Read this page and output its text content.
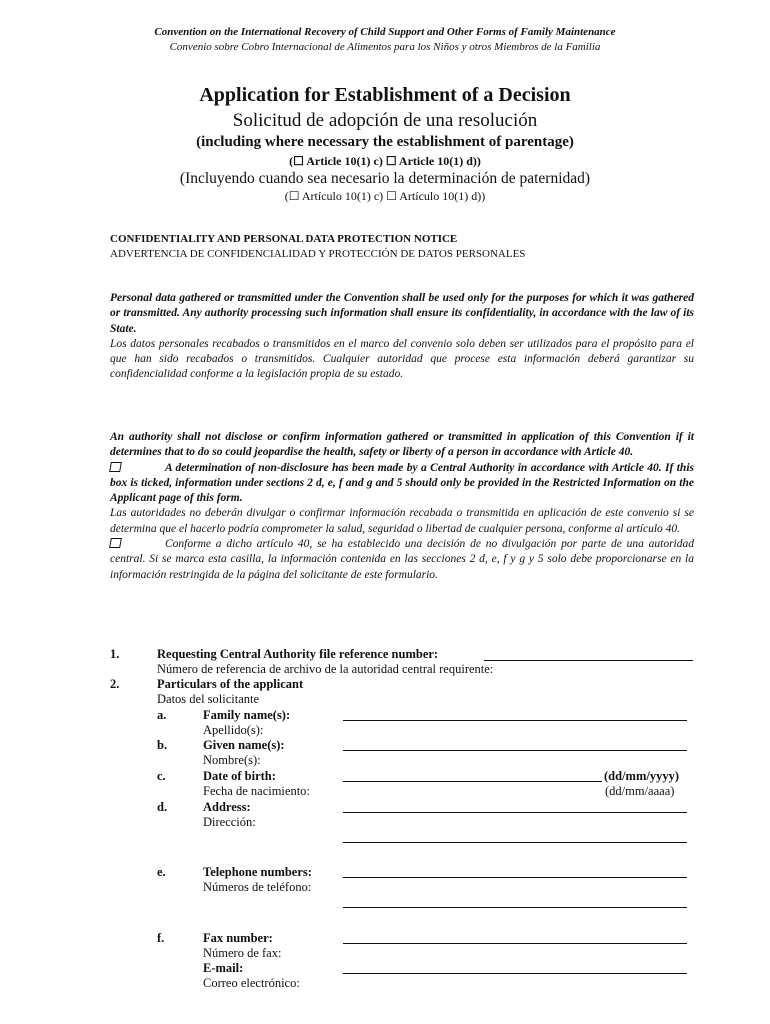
Convention on the International Recovery of Child Support and Other Forms of Family Maintenance
Convenio sobre Cobro Internacional de Alimentos para los Niños y otros Miembros de la Familia
Application for Establishment of a Decision
Solicitud de adopción de una resolución
(including where necessary the establishment of parentage)
(☐ Article 10(1) c) ☐ Article 10(1) d))
(Incluyendo cuando sea necesario la determinación de paternidad)
(☐ Artículo 10(1) c) ☐ Artículo 10(1) d))
CONFIDENTIALITY AND PERSONAL DATA PROTECTION NOTICE
ADVERTENCIA DE CONFIDENCIALIDAD Y PROTECCIÓN DE DATOS PERSONALES
Personal data gathered or transmitted under the Convention shall be used only for the purposes for which it was gathered or transmitted. Any authority processing such information shall ensure its confidentiality, in accordance with the law of its State.
Los datos personales recabados o transmitidos en el marco del convenio solo deben ser utilizados para el propósito para el que han sido recabados o transmitidos. Cualquier autoridad que procese esta información deberá garantizar su confidencialidad conforme a la legislación propia de su estado.
An authority shall not disclose or confirm information gathered or transmitted in application of this Convention if it determines that to do so could jeopardise the health, safety or liberty of a person in accordance with Article 40.
A determination of non-disclosure has been made by a Central Authority in accordance with Article 40. If this box is ticked, information under sections 2 d, e, f and g and 5 should only be provided in the Restricted Information on the Applicant page of this form.
Las autoridades no deberán divulgar o confirmar información recabada o transmitida en aplicación de este convenio si se determina que el hacerlo podría comprometer la salud, seguridad o libertad de cualquier persona, conforme al artículo 40.
Conforme a dicho artículo 40, se ha establecido una decisión de no divulgación por parte de una autoridad central. Si se marca esta casilla, la información contenida en las secciones 2 d, e, f y g y 5 solo debe proporcionarse en la información restringida de la página del solicitante de este formulario.
1.	Requesting Central Authority file reference number:
Número de referencia de archivo de la autoridad central requirente:
2.	Particulars of the applicant
Datos del solicitante
a.	Family name(s):
Apellido(s):
b.	Given name(s):
Nombre(s):
c.	Date of birth:
Fecha de nacimiento:
(dd/mm/yyyy)
(dd/mm/aaaa)
d.	Address:
Dirección:
e.	Telephone numbers:
Números de teléfono:
f.	Fax number:
Número de fax:
E-mail:
Correo electrónico:
